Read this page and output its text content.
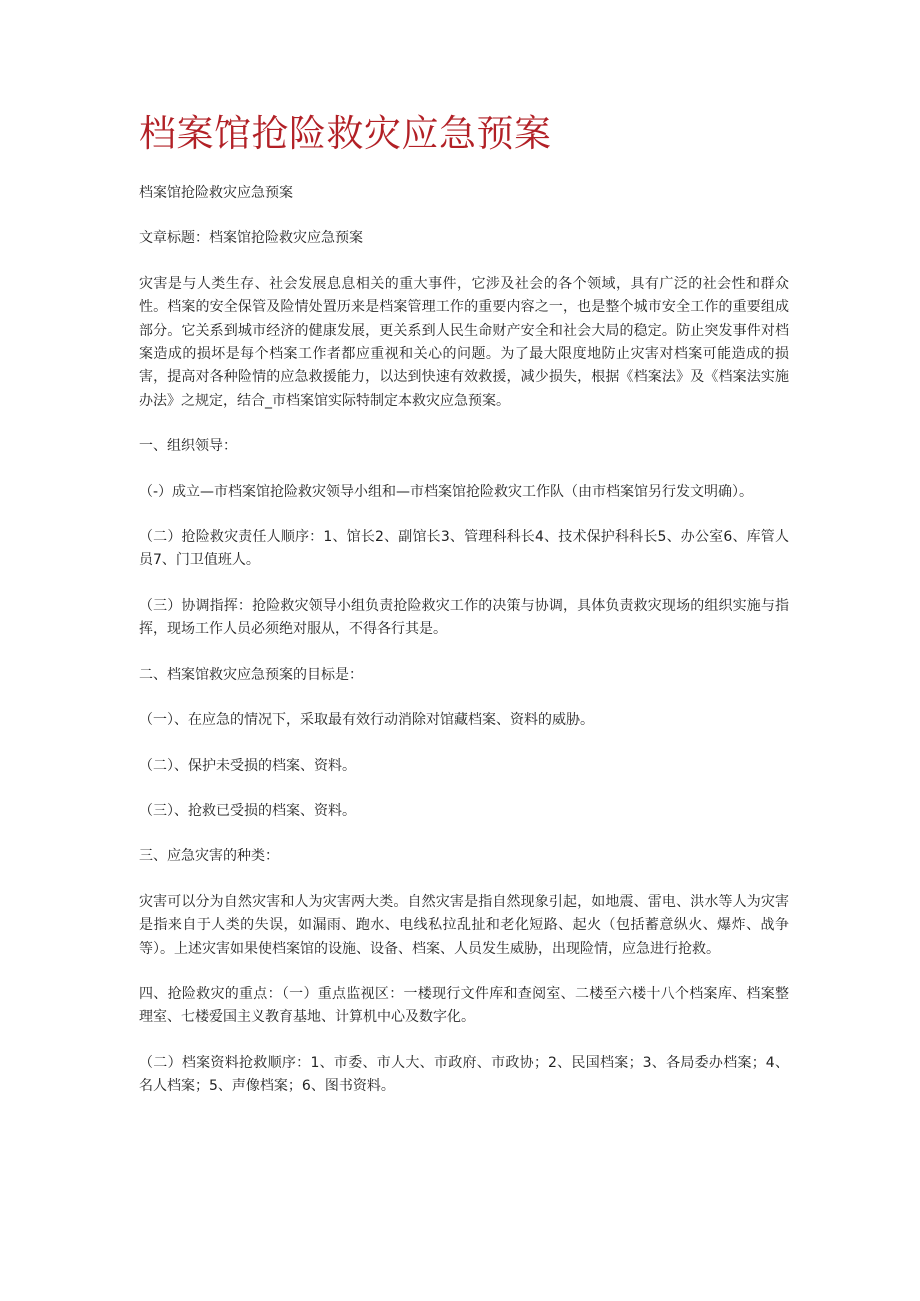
档案馆抢险救灾应急预案

档案馆抢险救灾应急预案

文章标题：档案馆抢险救灾应急预案

灾害是与人类生存、社会发展息息相关的重大事件，它涉及社会的各个领域，具有广泛的社会性和群众性。档案的安全保管及险情处置历来是档案管理工作的重要内容之一，也是整个城市安全工作的重要组成部分。它关系到城市经济的健康发展，更关系到人民生命财产安全和社会大局的稳定。防止突发事件对档案造成的损坏是每个档案工作者都应重视和关心的问题。为了最大限度地防止灾害对档案可能造成的损害，提高对各种险情的应急救援能力，以达到快速有效救援，减少损失，根据《档案法》及《档案法实施办法》之规定，结合_市档案馆实际特制定本救灾应急预案。

一、组织领导：

（-）成立—市档案馆抢险救灾领导小组和—市档案馆抢险救灾工作队（由市档案馆另行发文明确）。

（二）抢险救灾责任人顺序：1、馆长2、副馆长3、管理科科长4、技术保护科科长5、办公室6、库管人员7、门卫值班人。

（三）协调指挥：抢险救灾领导小组负责抢险救灾工作的决策与协调，具体负责救灾现场的组织实施与指挥，现场工作人员必须绝对服从，不得各行其是。

二、档案馆救灾应急预案的目标是：

（一）、在应急的情况下，采取最有效行动消除对馆藏档案、资料的威胁。

（二）、保护未受损的档案、资料。

（三）、抢救已受损的档案、资料。

三、应急灾害的种类：

灾害可以分为自然灾害和人为灾害两大类。自然灾害是指自然现象引起，如地震、雷电、洪水等人为灾害是指来自于人类的失误，如漏雨、跑水、电线私拉乱扯和老化短路、起火（包括蓄意纵火、爆炸、战争等）。上述灾害如果使档案馆的设施、设备、档案、人员发生威胁，出现险情，应急进行抢救。

四、抢险救灾的重点：（一）重点监视区：一楼现行文件库和查阅室、二楼至六楼十八个档案库、档案整理室、七楼爱国主义教育基地、计算机中心及数字化。

（二）档案资料抢救顺序：1、市委、市人大、市政府、市政协；2、民国档案；3、各局委办档案；4、名人档案；5、声像档案；6、图书资料。
